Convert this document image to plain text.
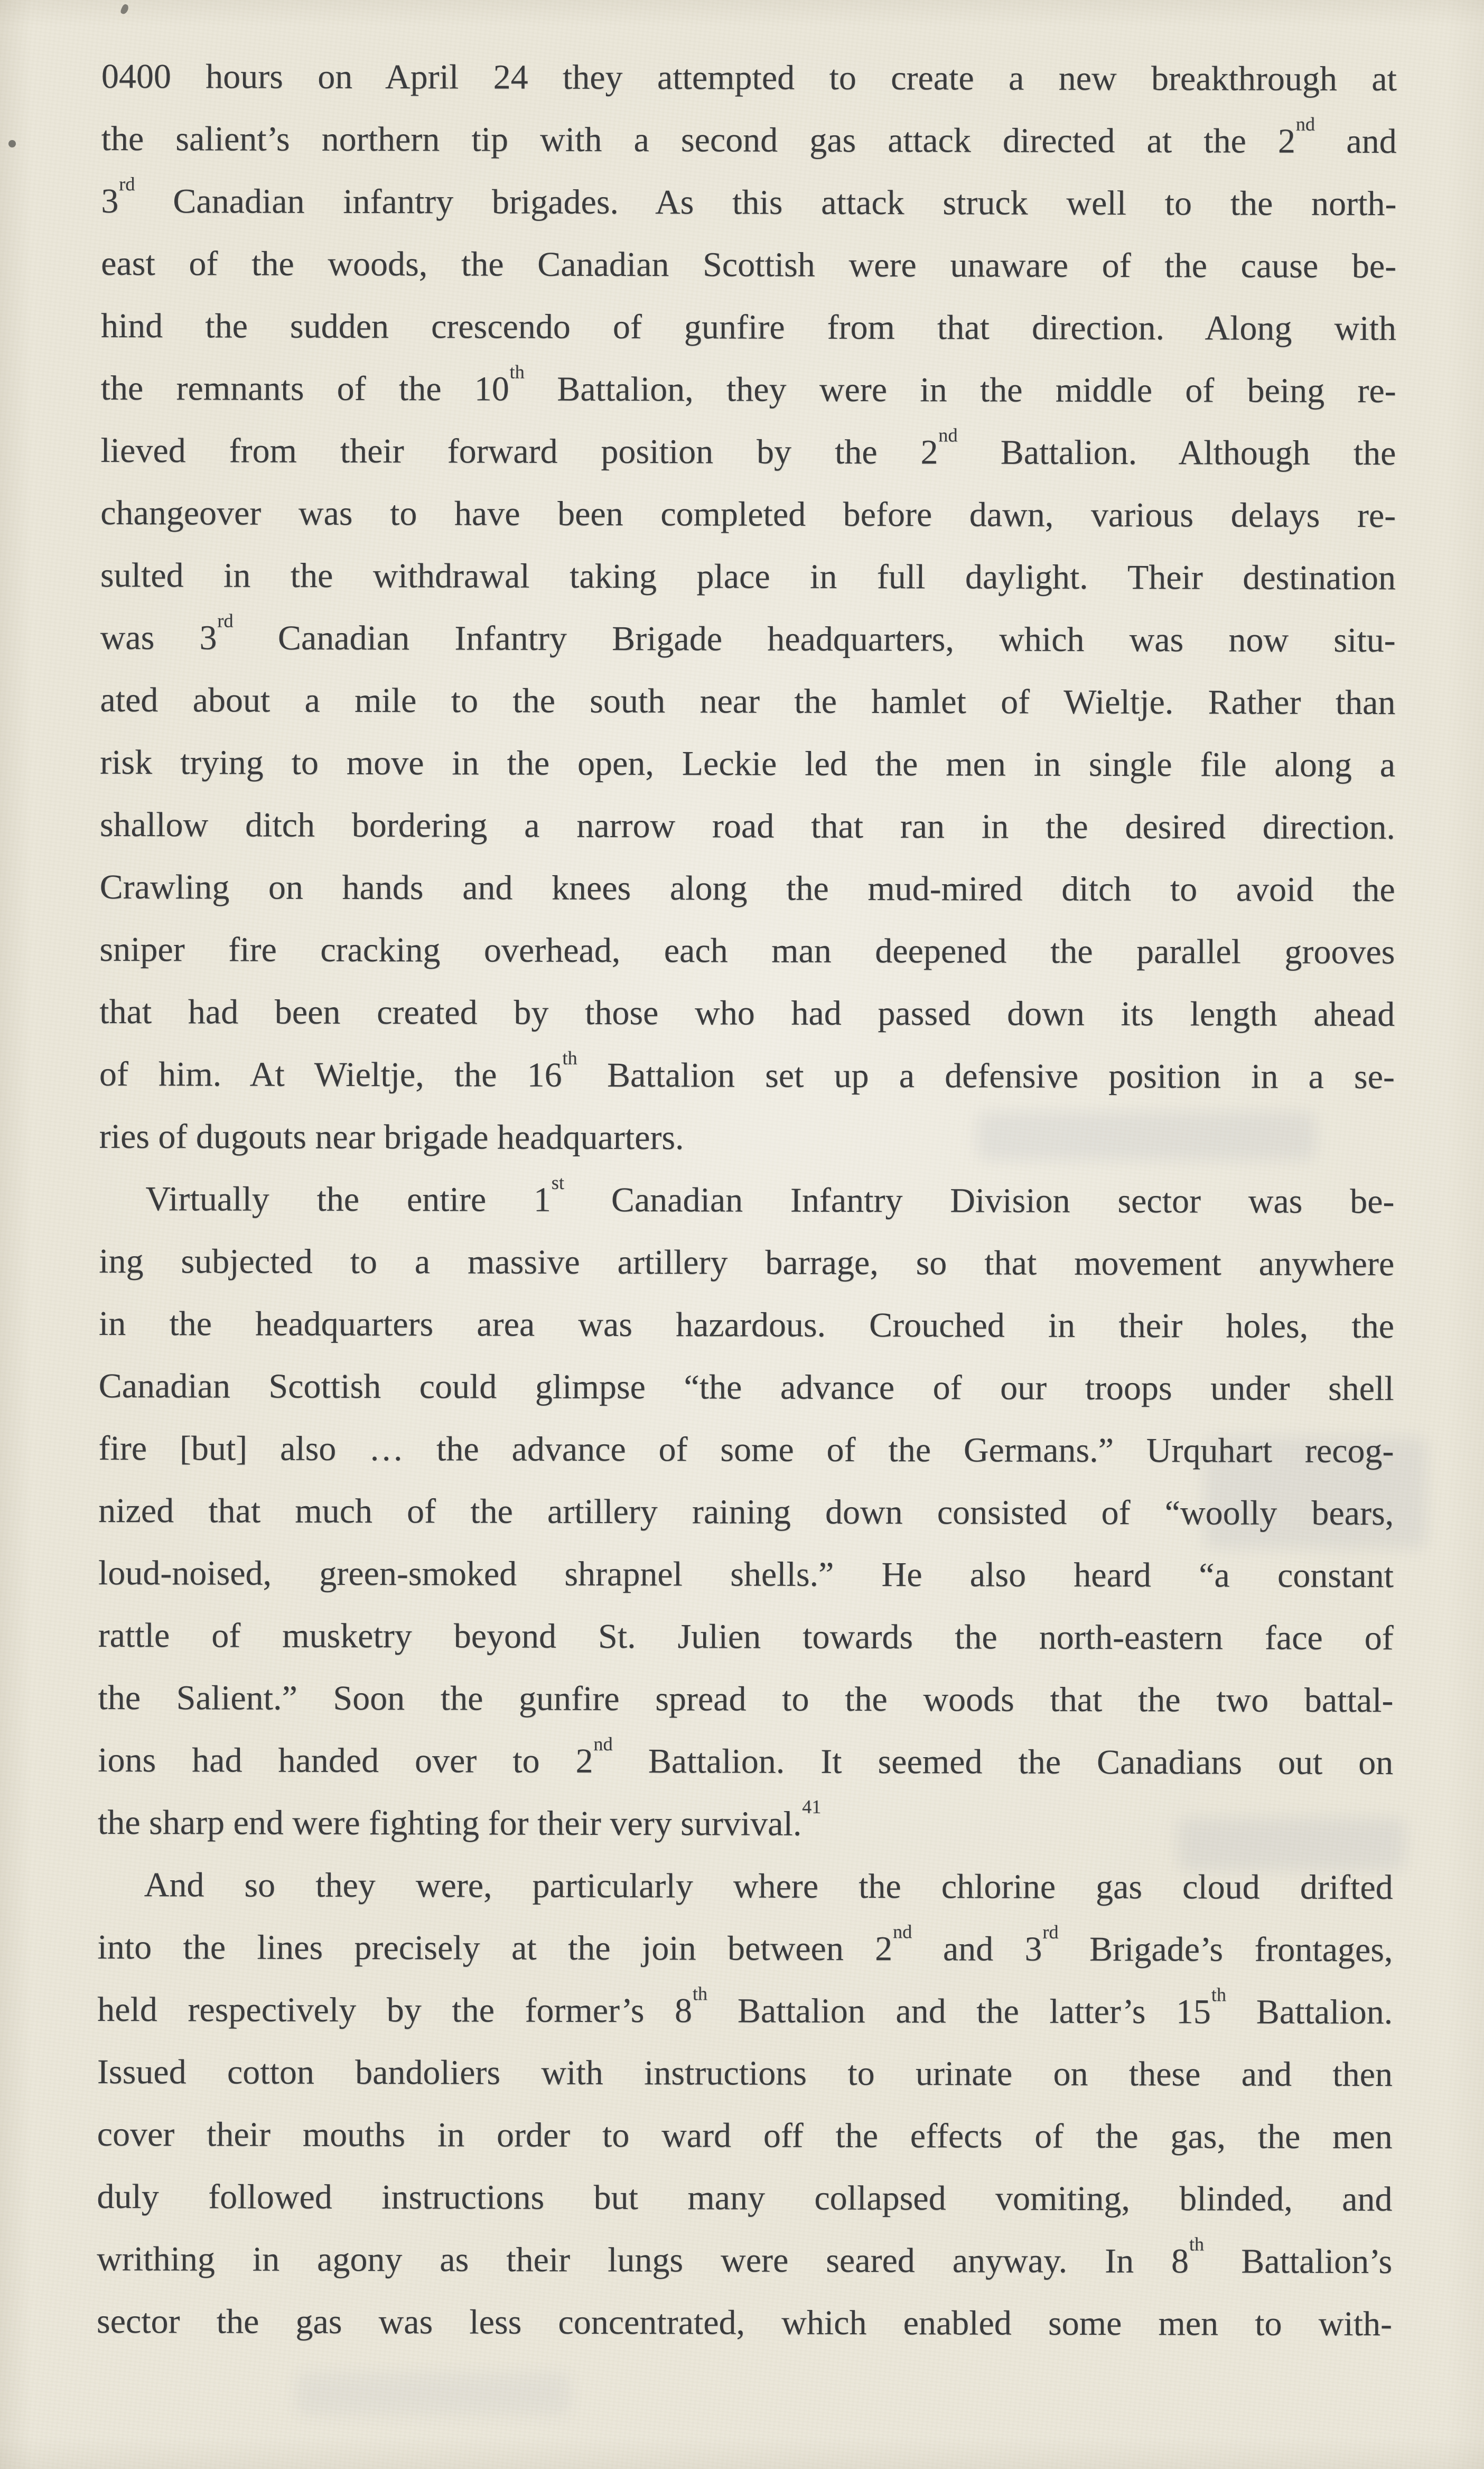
0400 hours on April 24 they attempted to create a new breakthrough at
the salient’s northern tip with a second gas attack directed at the 2nd and
3rd Canadian infantry brigades. As this attack struck well to the north-
east of the woods, the Canadian Scottish were unaware of the cause be-
hind the sudden crescendo of gunfire from that direction. Along with
the remnants of the 10th Battalion, they were in the middle of being re-
lieved from their forward position by the 2nd Battalion. Although the
changeover was to have been completed before dawn, various delays re-
sulted in the withdrawal taking place in full daylight. Their destination
was 3rd Canadian Infantry Brigade headquarters, which was now situ-
ated about a mile to the south near the hamlet of Wieltje. Rather than
risk trying to move in the open, Leckie led the men in single file along a
shallow ditch bordering a narrow road that ran in the desired direction.
Crawling on hands and knees along the mud-mired ditch to avoid the
sniper fire cracking overhead, each man deepened the parallel grooves
that had been created by those who had passed down its length ahead
of him. At Wieltje, the 16th Battalion set up a defensive position in a se-
ries of dugouts near brigade headquarters.
Virtually the entire 1st Canadian Infantry Division sector was be-
ing subjected to a massive artillery barrage, so that movement anywhere
in the headquarters area was hazardous. Crouched in their holes, the
Canadian Scottish could glimpse “the advance of our troops under shell
fire [but] also … the advance of some of the Germans.” Urquhart recog-
nized that much of the artillery raining down consisted of “woolly bears,
loud-noised, green-smoked shrapnel shells.” He also heard “a constant
rattle of musketry beyond St. Julien towards the north-eastern face of
the Salient.” Soon the gunfire spread to the woods that the two battal-
ions had handed over to 2nd Battalion. It seemed the Canadians out on
the sharp end were fighting for their very survival.$^{41}$
And so they were, particularly where the chlorine gas cloud drifted
into the lines precisely at the join between 2nd and 3rd Brigade’s frontages,
held respectively by the former’s 8th Battalion and the latter’s 15th Battalion.
Issued cotton bandoliers with instructions to urinate on these and then
cover their mouths in order to ward off the effects of the gas, the men
duly followed instructions but many collapsed vomiting, blinded, and
writhing in agony as their lungs were seared anyway. In 8th Battalion’s
sector the gas was less concentrated, which enabled some men to with-
